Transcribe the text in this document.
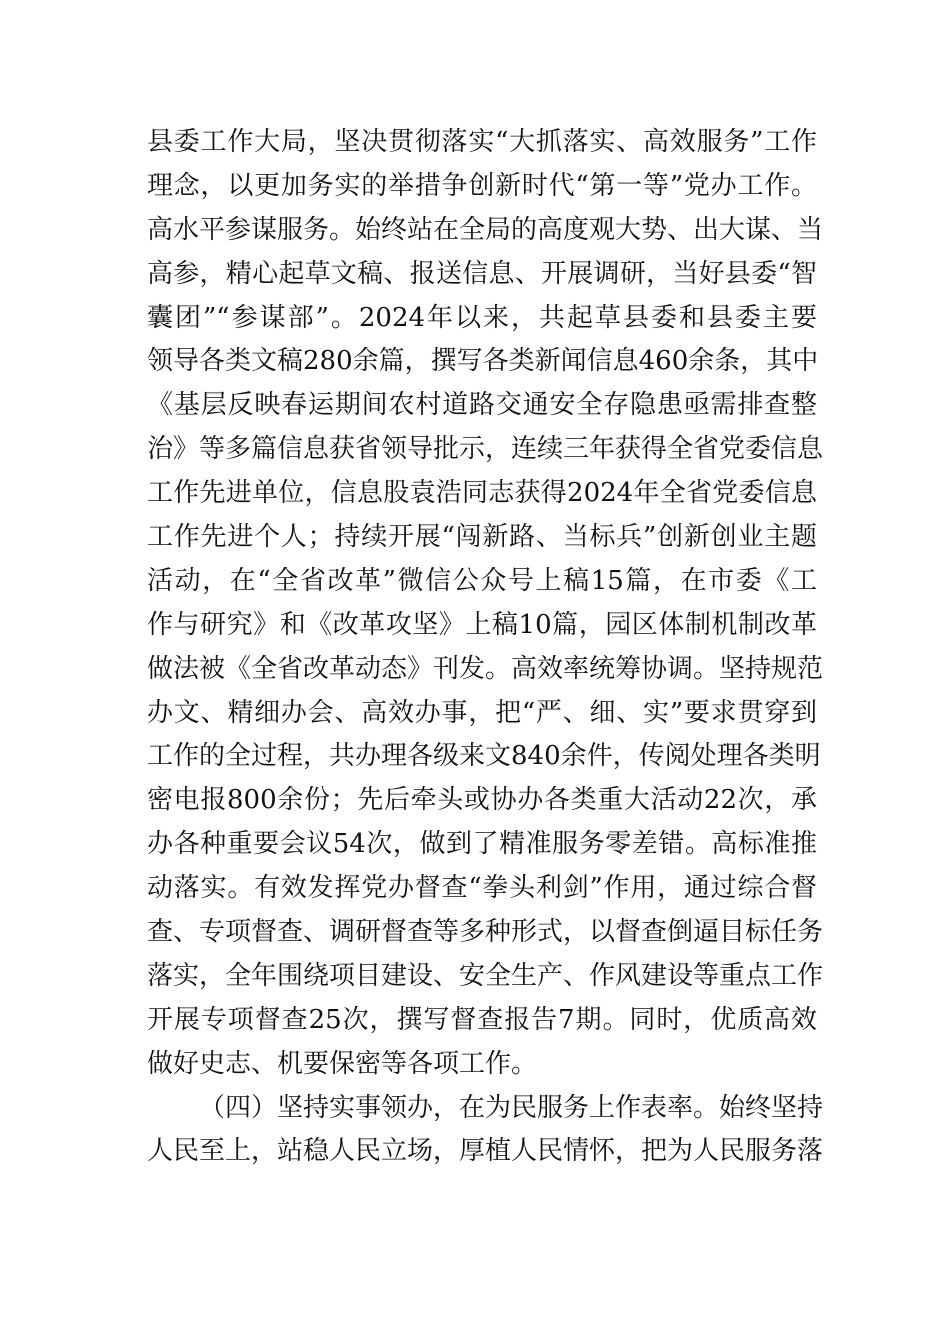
县委工作大局，坚决贯彻落实“大抓落实、高效服务”工作
理念，以更加务实的举措争创新时代“第一等”党办工作。
高水平参谋服务。始终站在全局的高度观大势、出大谋、当
高参，精心起草文稿、报送信息、开展调研，当好县委“智
囊团”“参谋部”。2024年以来，共起草县委和县委主要
领导各类文稿280余篇，撰写各类新闻信息460余条，其中
《基层反映春运期间农村道路交通安全存隐患亟需排查整
治》等多篇信息获省领导批示，连续三年获得全省党委信息
工作先进单位，信息股袁浩同志获得2024年全省党委信息
工作先进个人；持续开展“闯新路、当标兵”创新创业主题
活动，在“全省改革”微信公众号上稿15篇，在市委《工
作与研究》和《改革攻坚》上稿10篇，园区体制机制改革
做法被《全省改革动态》刊发。高效率统筹协调。坚持规范
办文、精细办会、高效办事，把“严、细、实”要求贯穿到
工作的全过程，共办理各级来文840余件，传阅处理各类明
密电报800余份；先后牵头或协办各类重大活动22次，承
办各种重要会议54次，做到了精准服务零差错。高标准推
动落实。有效发挥党办督查“拳头利剑”作用，通过综合督
查、专项督查、调研督查等多种形式，以督查倒逼目标任务
落实，全年围绕项目建设、安全生产、作风建设等重点工作
开展专项督查25次，撰写督查报告7期。同时，优质高效
做好史志、机要保密等各项工作。
（四）坚持实事领办，在为民服务上作表率。始终坚持
人民至上，站稳人民立场，厚植人民情怀，把为人民服务落
